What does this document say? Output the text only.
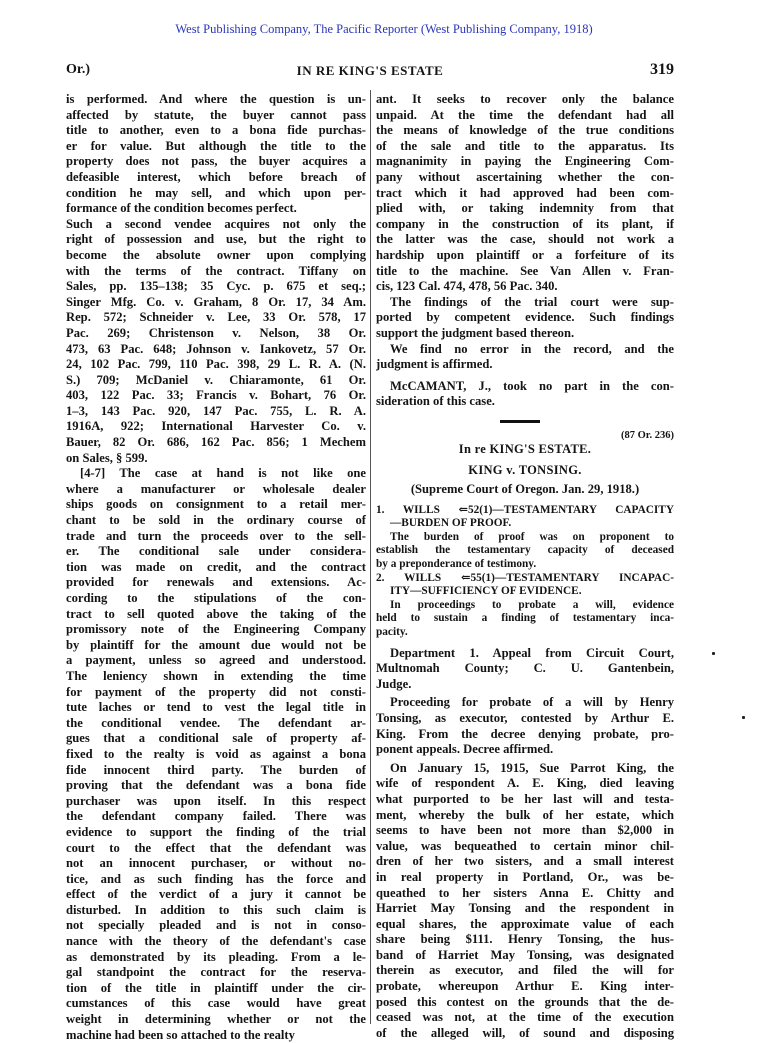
West Publishing Company, The Pacific Reporter (West Publishing Company, 1918)
Or.)	IN RE KING'S ESTATE	319
is performed. And where the question is un-
affected by statute, the buyer cannot pass
title to another, even to a bona fide purchas-
er for value. But although the title to the
property does not pass, the buyer acquires a
defeasible interest, which before breach of
condition he may sell, and which upon per-
formance of the condition becomes perfect.
Such a second vendee acquires not only the
right of possession and use, but the right to
become the absolute owner upon complying
with the terms of the contract. Tiffany on
Sales, pp. 135–138; 35 Cyc. p. 675 et seq.;
Singer Mfg. Co. v. Graham, 8 Or. 17, 34 Am.
Rep. 572; Schneider v. Lee, 33 Or. 578, 17
Pac. 269; Christenson v. Nelson, 38 Or.
473, 63 Pac. 648; Johnson v. Iankovetz, 57 Or.
24, 102 Pac. 799, 110 Pac. 398, 29 L. R. A. (N.
S.) 709; McDaniel v. Chiaramonte, 61 Or.
403, 122 Pac. 33; Francis v. Bohart, 76 Or.
1–3, 143 Pac. 920, 147 Pac. 755, L. R. A.
1916A, 922; International Harvester Co. v.
Bauer, 82 Or. 686, 162 Pac. 856; 1 Mechem
on Sales, § 599.
[4-7] The case at hand is not like one
where a manufacturer or wholesale dealer
ships goods on consignment to a retail mer-
chant to be sold in the ordinary course of
trade and turn the proceeds over to the sell-
er. The conditional sale under considera-
tion was made on credit, and the contract
provided for renewals and extensions. Ac-
cording to the stipulations of the con-
tract to sell quoted above the taking of the
promissory note of the Engineering Company
by plaintiff for the amount due would not be
a payment, unless so agreed and understood.
The leniency shown in extending the time
for payment of the property did not consti-
tute laches or tend to vest the legal title in
the conditional vendee. The defendant ar-
gues that a conditional sale of property af-
fixed to the realty is void as against a bona
fide innocent third party. The burden of
proving that the defendant was a bona fide
purchaser was upon itself. In this respect
the defendant company failed. There was
evidence to support the finding of the trial
court to the effect that the defendant was
not an innocent purchaser, or without no-
tice, and as such finding has the force and
effect of the verdict of a jury it cannot be
disturbed. In addition to this such claim is
not specially pleaded and is not in conso-
nance with the theory of the defendant's case
as demonstrated by its pleading. From a le-
gal standpoint the contract for the reserva-
tion of the title in plaintiff under the cir-
cumstances of this case would have great
weight in determining whether or not the
machine had been so attached to the realty
ant. It seeks to recover only the balance
unpaid. At the time the defendant had all
the means of knowledge of the true conditions
of the sale and title to the apparatus. Its
magnanimity in paying the Engineering Com-
pany without ascertaining whether the con-
tract which it had approved had been com-
plied with, or taking indemnity from that
company in the construction of its plant, if
the latter was the case, should not work a
hardship upon plaintiff or a forfeiture of its
title to the machine. See Van Allen v. Fran-
cis, 123 Cal. 474, 478, 56 Pac. 340.
The findings of the trial court were sup-
ported by competent evidence. Such findings
support the judgment based thereon.
We find no error in the record, and the
judgment is affirmed.
McCAMANT, J., took no part in the con-
sideration of this case.
(87 Or. 236)
In re KING'S ESTATE.
KING v. TONSING.
(Supreme Court of Oregon. Jan. 29, 1918.)
1. WILLS ⇐52(1)—TESTAMENTARY CAPACITY
—BURDEN OF PROOF.
The burden of proof was on proponent to
establish the testamentary capacity of deceased
by a preponderance of testimony.
2. WILLS ⇐55(1)—TESTAMENTARY INCAPAC-
ITY—SUFFICIENCY OF EVIDENCE.
In proceedings to probate a will, evidence
held to sustain a finding of testamentary inca-
pacity.
Department 1. Appeal from Circuit Court,
Multnomah County; C. U. Gantenbein,
Judge.
Proceeding for probate of a will by Henry
Tonsing, as executor, contested by Arthur E.
King. From the decree denying probate, pro-
ponent appeals. Decree affirmed.
On January 15, 1915, Sue Parrot King, the
wife of respondent A. E. King, died leaving
what purported to be her last will and testa-
ment, whereby the bulk of her estate, which
seems to have been not more than $2,000 in
value, was bequeathed to certain minor chil-
dren of her two sisters, and a small interest
in real property in Portland, Or., was be-
queathed to her sisters Anna E. Chitty and
Harriet May Tonsing and the respondent in
equal shares, the approximate value of each
share being $111. Henry Tonsing, the hus-
band of Harriet May Tonsing, was designated
therein as executor, and filed the will for
probate, whereupon Arthur E. King inter-
posed this contest on the grounds that the de-
ceased was not, at the time of the execution
of the alleged will, of sound and disposing
